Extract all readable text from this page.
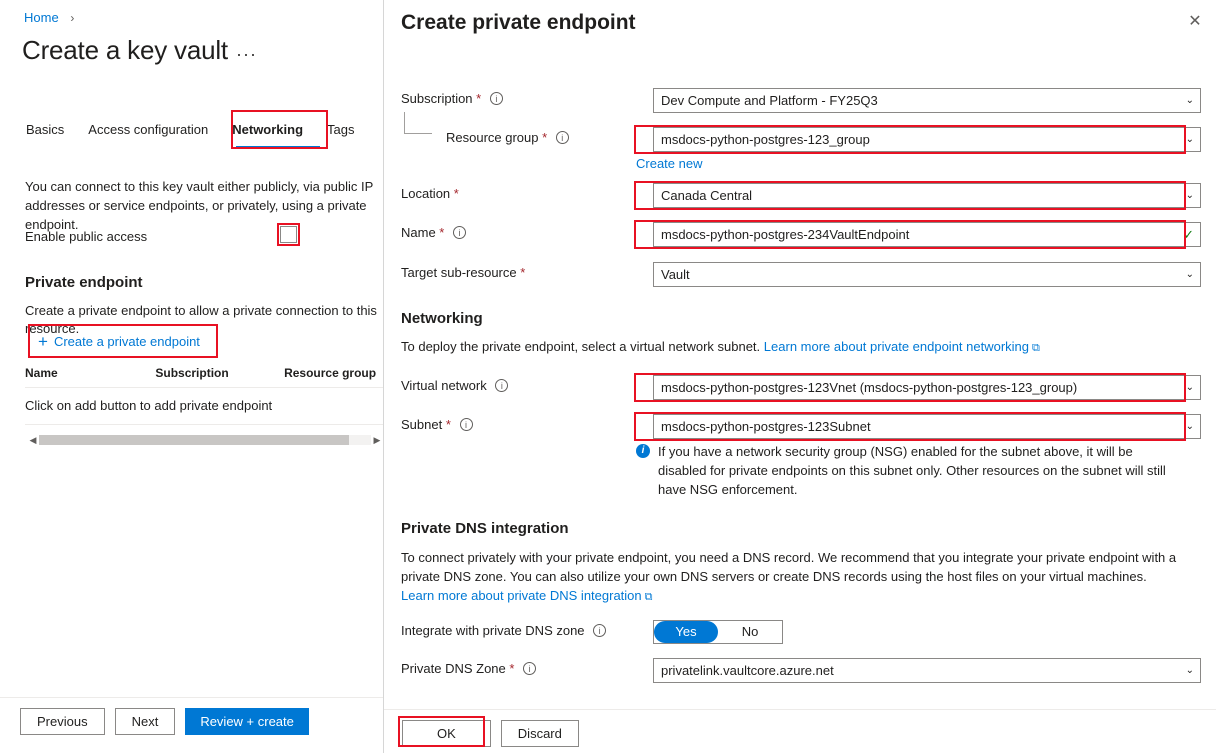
Home ›
Create a key vault ···
Basics	Access configuration	Networking	Tags
You can connect to this key vault either publicly, via public IP addresses or service endpoints, or privately, using a private endpoint.
Enable public access
Private endpoint
Create a private endpoint to allow a private connection to this resource.
+ Create a private endpoint
Name	Subscription	Resource group
Click on add button to add private endpoint
◀	▶
Previous	Next	Review + create
Create private endpoint	✕
Subscription * i	Dev Compute and Platform - FY25Q3	⌄
Resource group * i	msdocs-python-postgres-123_group	⌄
Create new
Location *	Canada Central	⌄
Name * i	msdocs-python-postgres-234VaultEndpoint	✓
Target sub-resource *	Vault	⌄
Networking
To deploy the private endpoint, select a virtual network subnet. Learn more about private endpoint networking ⧉
Virtual network i	msdocs-python-postgres-123Vnet (msdocs-python-postgres-123_group)	⌄
Subnet * i	msdocs-python-postgres-123Subnet	⌄
i	If you have a network security group (NSG) enabled for the subnet above, it will be disabled for private endpoints on this subnet only. Other resources on the subnet will still have NSG enforcement.
Private DNS integration
To connect privately with your private endpoint, you need a DNS record. We recommend that you integrate your private endpoint with a private DNS zone. You can also utilize your own DNS servers or create DNS records using the host files on your virtual machines.
Learn more about private DNS integration ⧉
Integrate with private DNS zone i	Yes	No
Private DNS Zone * i	privatelink.vaultcore.azure.net	⌄
OK	Discard
